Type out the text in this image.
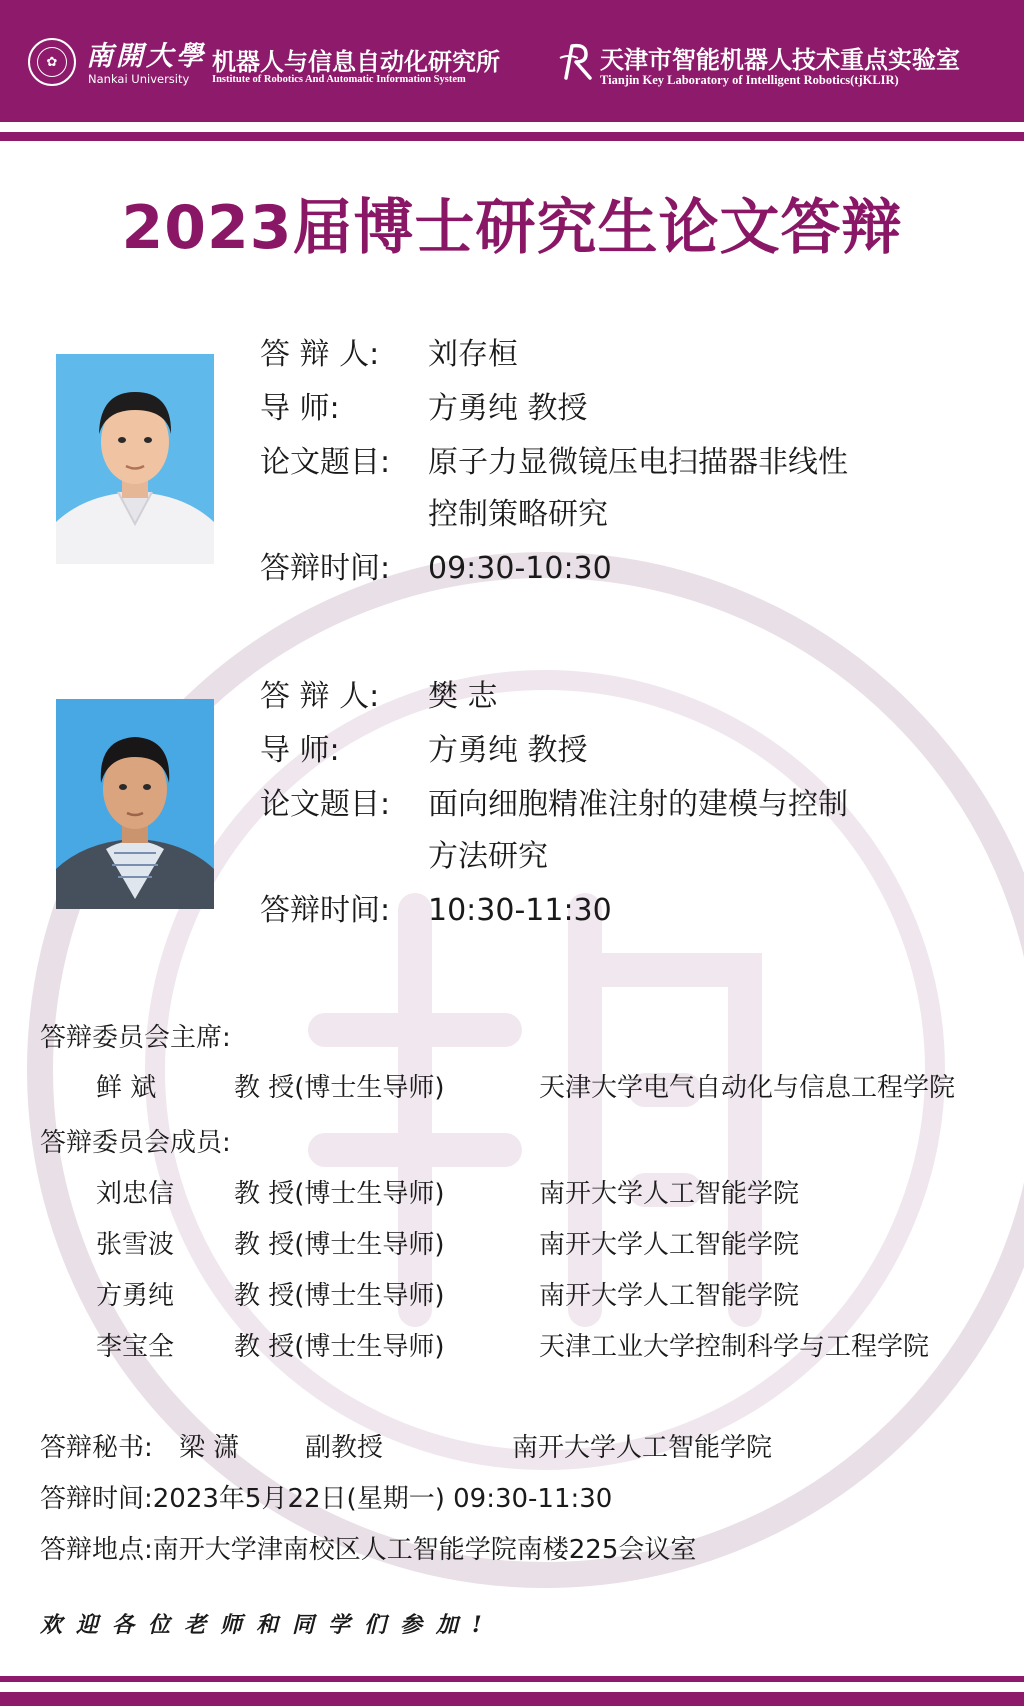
✿	南開大學
Nankai University
机器人与信息自动化研究所
Institute of Robotics And Automatic Information System
天津市智能机器人技术重点实验室
Tianjin Key Laboratory of Intelligent Robotics(tjKLIR)
2023届博士研究生论文答辩
答 辩 人:	刘存桓
导 师:	方勇纯 教授
论文题目:	原子力显微镜压电扫描器非线性
控制策略研究
答辩时间:	09:30-10:30
答 辩 人:	樊 志
导 师:	方勇纯 教授
论文题目:	面向细胞精准注射的建模与控制
方法研究
答辩时间:	10:30-11:30
答辩委员会主席:
鲜 斌	教 授(博士生导师)	天津大学电气自动化与信息工程学院
答辩委员会成员:
刘忠信 教 授(博士生导师)	南开大学人工智能学院
张雪波 教 授(博士生导师)	南开大学人工智能学院
方勇纯 教 授(博士生导师)	南开大学人工智能学院
李宝全 教 授(博士生导师)	天津工业大学控制科学与工程学院
答辩秘书: 梁 潇	副教授	南开大学人工智能学院
答辩时间:2023年5月22日(星期一) 09:30-11:30
答辩地点:南开大学津南校区人工智能学院南楼225会议室
欢迎各位老师和同学们参加!
